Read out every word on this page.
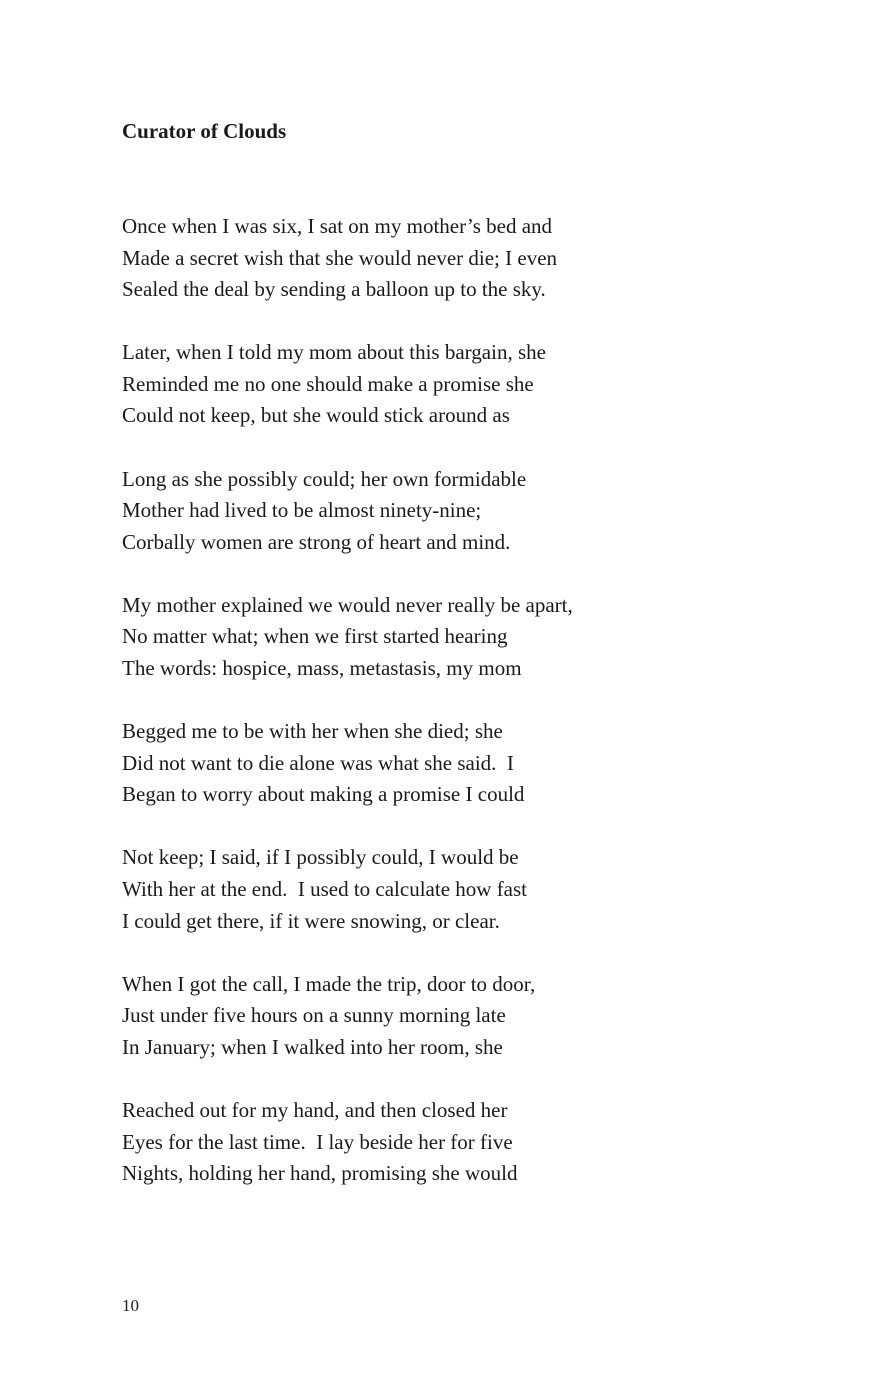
Curator of Clouds
Once when I was six, I sat on my mother’s bed and
Made a secret wish that she would never die; I even
Sealed the deal by sending a balloon up to the sky.
Later, when I told my mom about this bargain, she
Reminded me no one should make a promise she
Could not keep, but she would stick around as
Long as she possibly could; her own formidable
Mother had lived to be almost ninety-nine;
Corbally women are strong of heart and mind.
My mother explained we would never really be apart,
No matter what; when we first started hearing
The words: hospice, mass, metastasis, my mom
Begged me to be with her when she died; she
Did not want to die alone was what she said.  I
Began to worry about making a promise I could
Not keep; I said, if I possibly could, I would be
With her at the end.  I used to calculate how fast
I could get there, if it were snowing, or clear.
When I got the call, I made the trip, door to door,
Just under five hours on a sunny morning late
In January; when I walked into her room, she
Reached out for my hand, and then closed her
Eyes for the last time.  I lay beside her for five
Nights, holding her hand, promising she would
10
